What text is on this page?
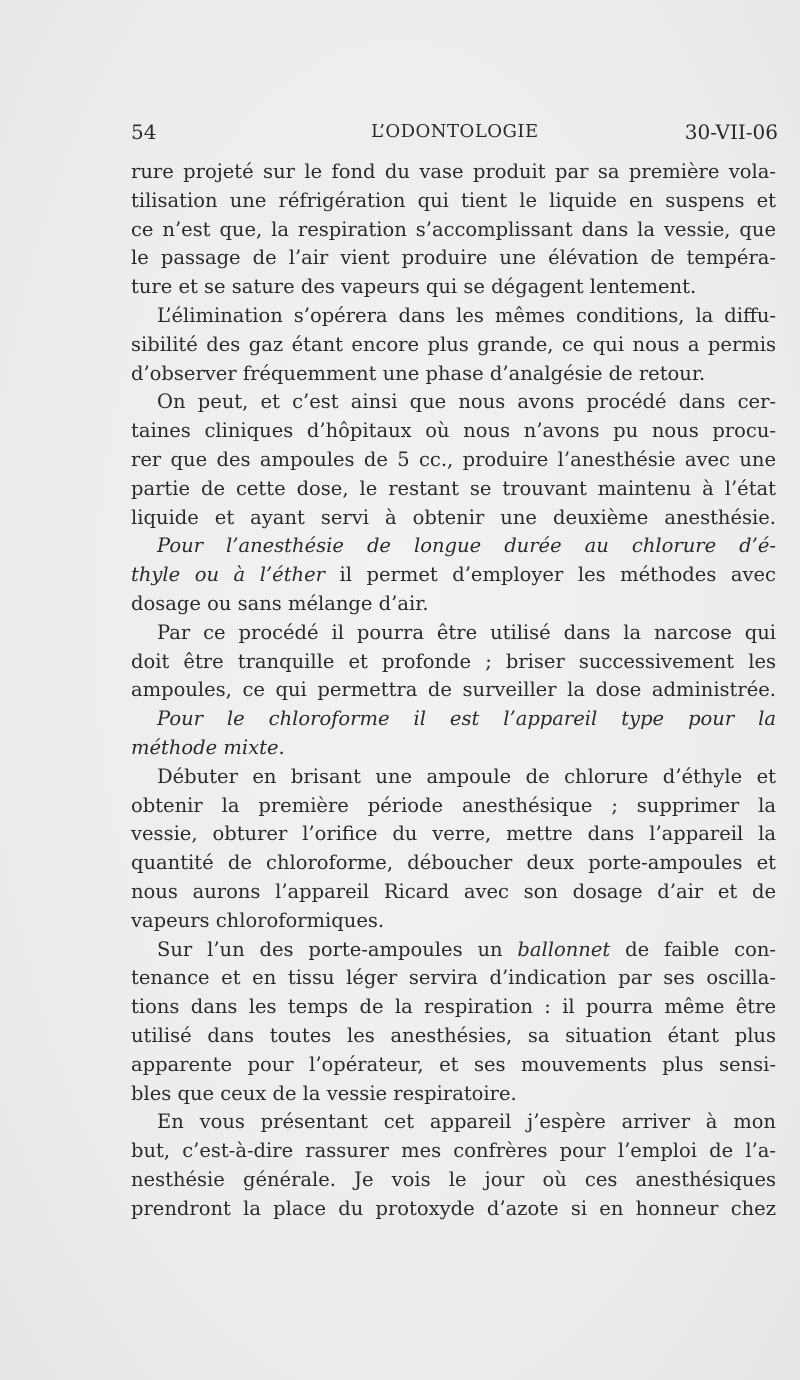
54	L’ODONTOLOGIE	30-VII-06
rure projeté sur le fond du vase produit par sa première vola-
tilisation une réfrigération qui tient le liquide en suspens et
ce n’est que, la respiration s’accomplissant dans la vessie, que
le passage de l’air vient produire une élévation de tempéra-
ture et se sature des vapeurs qui se dégagent lentement.
L’élimination s’opérera dans les mêmes conditions, la diffu-
sibilité des gaz étant encore plus grande, ce qui nous a permis
d’observer fréquemment une phase d’analgésie de retour.
On peut, et c’est ainsi que nous avons procédé dans cer-
taines cliniques d’hôpitaux où nous n’avons pu nous procu-
rer que des ampoules de 5 cc., produire l’anesthésie avec une
partie de cette dose, le restant se trouvant maintenu à l’état
liquide et ayant servi à obtenir une deuxième anesthésie.
Pour l’anesthésie de longue durée au chlorure d’é-
thyle ou à l’éther il permet d’employer les méthodes avec
dosage ou sans mélange d’air.
Par ce procédé il pourra être utilisé dans la narcose qui
doit être tranquille et profonde ; briser successivement les
ampoules, ce qui permettra de surveiller la dose administrée.
Pour le chloroforme il est l’appareil type pour la
méthode mixte.
Débuter en brisant une ampoule de chlorure d’éthyle et
obtenir la première période anesthésique ; supprimer la
vessie, obturer l’orifice du verre, mettre dans l’appareil la
quantité de chloroforme, déboucher deux porte-ampoules et
nous aurons l’appareil Ricard avec son dosage d’air et de
vapeurs chloroformiques.
Sur l’un des porte-ampoules un ballonnet de faible con-
tenance et en tissu léger servira d’indication par ses oscilla-
tions dans les temps de la respiration : il pourra même être
utilisé dans toutes les anesthésies, sa situation étant plus
apparente pour l’opérateur, et ses mouvements plus sensi-
bles que ceux de la vessie respiratoire.
En vous présentant cet appareil j’espère arriver à mon
but, c’est-à-dire rassurer mes confrères pour l’emploi de l’a-
nesthésie générale. Je vois le jour où ces anesthésiques
prendront la place du protoxyde d’azote si en honneur chez
